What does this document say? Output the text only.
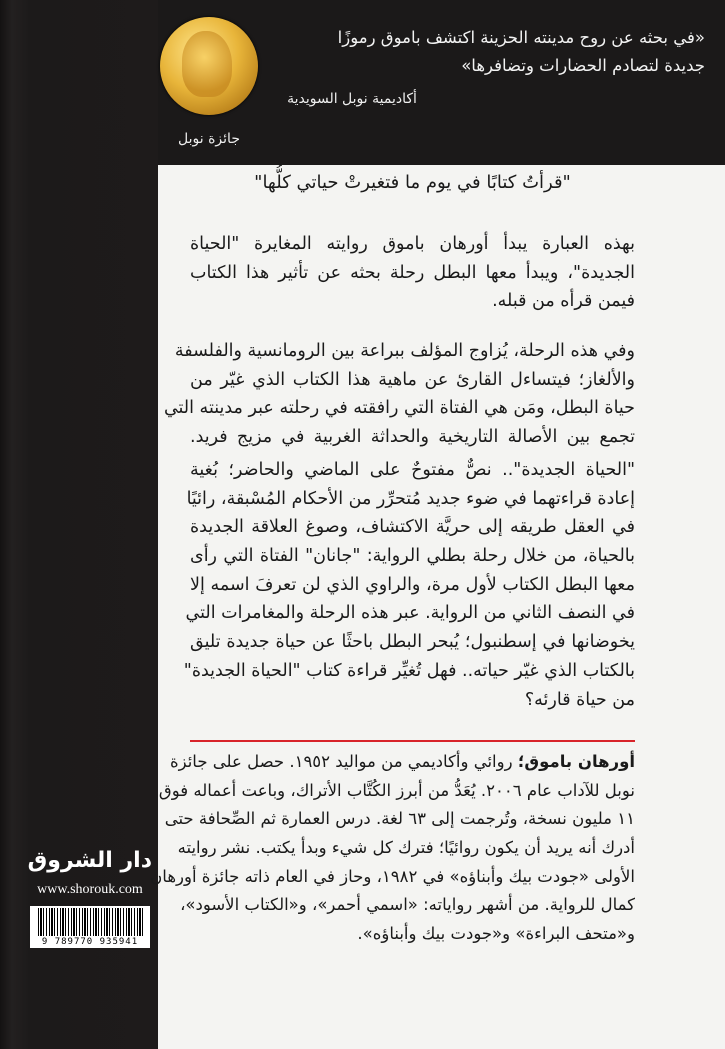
جائزة نوبل
«في بحثه عن روح مدينته الحزينة اكتشف باموق رموزًا
جديدة لتصادم الحضارات وتضافرها»
أكاديمية نوبل السويدية
"قرأتُ كتابًا في يوم ما فتغيرتْ حياتي كلُّها"
بهذه العبارة يبدأ أورهان باموق روايته المغايرة "الحياة
الجديدة"، ويبدأ معها البطل رحلة بحثه عن تأثير هذا الكتاب
فيمن قرأه من قبله.
وفي هذه الرحلة، يُزاوج المؤلف ببراعة بين الرومانسية والفلسفة
والألغاز؛ فيتساءل القارئ عن ماهية هذا الكتاب الذي غيّر من
حياة البطل، ومَن هي الفتاة التي رافقته في رحلته عبر مدينته التي
تجمع بين الأصالة التاريخية والحداثة الغربية في مزيج فريد.
"الحياة الجديدة".. نصٌّ مفتوحٌ على الماضي والحاضر؛ بُغية
إعادة قراءتهما في ضوء جديد مُتحرِّر من الأحكام المُسْبقة، رائيًا
في العقل طريقه إلى حريَّة الاكتشاف، وصوغ العلاقة الجديدة
بالحياة، من خلال رحلة بطلي الرواية: "جانان" الفتاة التي رأى
معها البطل الكتاب لأول مرة، والراوي الذي لن تعرفَ اسمه إلا
في النصف الثاني من الرواية. عبر هذه الرحلة والمغامرات التي
يخوضانها في إسطنبول؛ يُبحر البطل باحثًا عن حياة جديدة تليق
بالكتاب الذي غيّر حياته.. فهل تُغيِّر قراءة كتاب "الحياة الجديدة"
من حياة قارئه؟
أورهان باموق؛ روائي وأكاديمي من مواليد ١٩٥٢. حصل على جائزة
نوبل للآداب عام ٢٠٠٦. يُعَدُّ من أبرز الكُتَّاب الأتراك، وباعت أعماله فوق
١١ مليون نسخة، وتُرجمت إلى ٦٣ لغة. درس العمارة ثم الصِّحافة حتى
أدرك أنه يريد أن يكون روائيًا؛ فترك كل شيء وبدأ يكتب. نشر روايته
الأولى «جودت بيك وأبناؤه» في ١٩٨٢، وحاز في العام ذاته جائزة أورهان
كمال للرواية. من أشهر رواياته: «اسمي أحمر»، و«الكتاب الأسود»،
و«متحف البراءة» و«جودت بيك وأبناؤه».
دار الشروق
www.shorouk.com
9 789770 935941
